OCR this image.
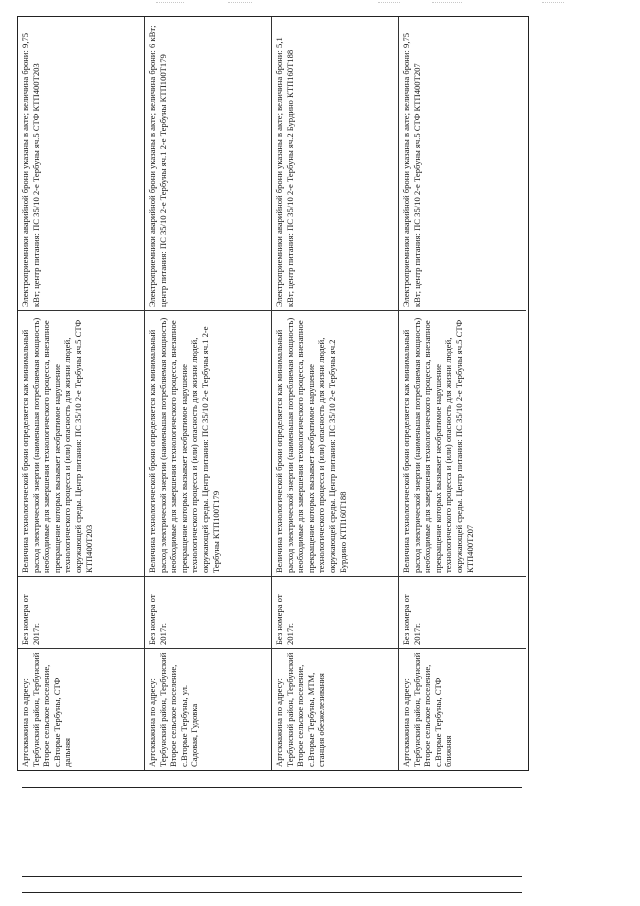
Артскважина по адресу: Тербунский район, Тербунский Второе сельское поселение, с.Вторые Тербуны, СТФ дальняя
Без номера от 2017г.
Величина технологической брони определяется как минимальный расход электрической энергии (наименьшая потребляемая мощность) необходимые для завершения технологического процесса, внезапное прекращение которых вызывает необратимое нарушение технологического процесса и (или) опасность для жизни людей, окружающей среды. Центр питания: ПС 35/10 2-е Тербуны яч.5 СТФ КТП400Т203
Электроприемники аварийной брони указаны в акте; величина брони: 9,75 кВт; центр питания: ПС 35/10 2-е Тербуны яч.5 СТФ КТП400Т203
Артскважина по адресу: Тербунский район, Тербунский Второе сельское поселение, с.Вторые Тербуны, ул. Садовая, Гудовка
Без номера от 2017г.
Величина технологической брони определяется как минимальный расход электрической энергии (наименьшая потребляемая мощность) необходимые для завершения технологического процесса, внезапное прекращение которых вызывает необратимое нарушение технологического процесса и (или) опасность для жизни людей, окружающей среды. Центр питания: ПС 35/10 2-е Тербуны яч.1 2-е Тербуны КТП100Т179
Электроприемники аварийной брони указаны в акте; величина брони: 6 кВт; центр питания: ПС 35/10 2-е Тербуны яч.1 2-е Тербуны КТП100Т179
Артскважина по адресу: Тербунский район, Тербунский Второе сельское поселение, с.Вторые Тербуны, МТМ, станция обезжелезивания
Без номера от 2017г.
Величина технологической брони определяется как минимальный расход электрической энергии (наименьшая потребляемая мощность) необходимые для завершения технологического процесса, внезапное прекращение которых вызывает необратимое нарушение технологического процесса и (или) опасность для жизни людей, окружающей среды. Центр питания: ПС 35/10 2-е Тербуны яч.2 Бурдино КТП160Т188
Электроприемники аварийной брони указаны в акте; величина брони: 5,1 кВт; центр питания: ПС 35/10 2-е Тербуны яч.2 Бурдино КТП160Т188
Артскважина по адресу: Тербунский район, Тербунский Второе сельское поселение, с.Вторые Тербуны, СТФ ближняя
Без номера от 2017г.
Величина технологической брони определяется как минимальный расход электрической энергии (наименьшая потребляемая мощность) необходимые для завершения технологического процесса, внезапное прекращение которых вызывает необратимое нарушение технологического процесса и (или) опасность для жизни людей, окружающей среды. Центр питания: ПС 35/10 2-е Тербуны яч.5 СТФ КТП400Т207
Электроприемники аварийной брони указаны в акте; величина брони: 9,75 кВт; центр питания: ПС 35/10 2-е Тербуны яч.5 СТФ КТП400Т207
